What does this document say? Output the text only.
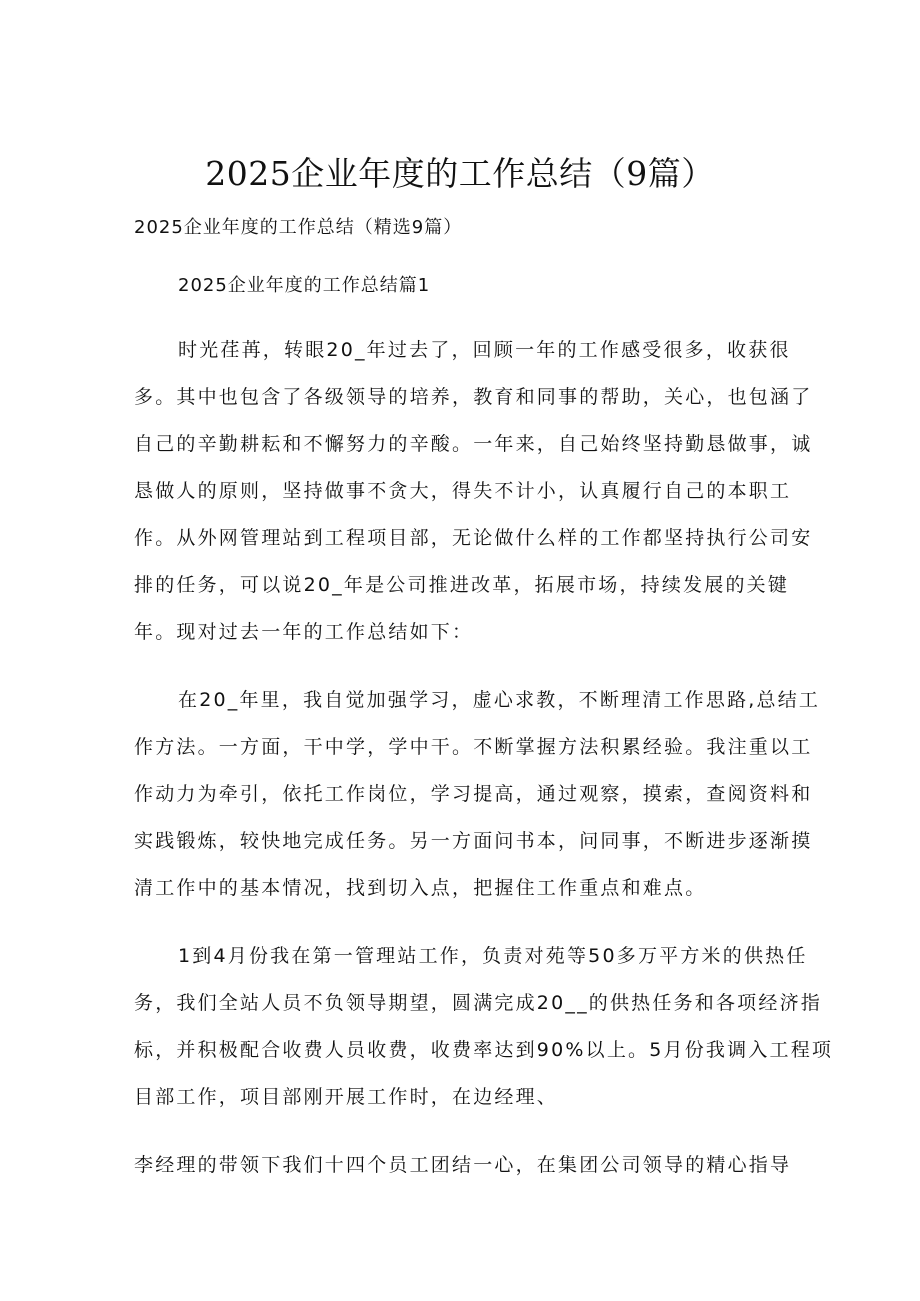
2025企业年度的工作总结（9篇）
2025企业年度的工作总结（精选9篇）
2025企业年度的工作总结篇1
时光荏苒，转眼20_年过去了，回顾一年的工作感受很多，收获很
多。其中也包含了各级领导的培养，教育和同事的帮助，关心，也包涵了
自己的辛勤耕耘和不懈努力的辛酸。一年来，自己始终坚持勤恳做事，诚
恳做人的原则，坚持做事不贪大，得失不计小，认真履行自己的本职工
作。从外网管理站到工程项目部，无论做什么样的工作都坚持执行公司安
排的任务，可以说20_年是公司推进改革，拓展市场，持续发展的关键
年。现对过去一年的工作总结如下：
在20_年里，我自觉加强学习，虚心求教，不断理清工作思路,总结工
作方法。一方面，干中学，学中干。不断掌握方法积累经验。我注重以工
作动力为牵引，依托工作岗位，学习提高，通过观察，摸索，查阅资料和
实践锻炼，较快地完成任务。另一方面问书本，问同事，不断进步逐渐摸
清工作中的基本情况，找到切入点，把握住工作重点和难点。
1到4月份我在第一管理站工作，负责对苑等50多万平方米的供热任
务，我们全站人员不负领导期望，圆满完成20__的供热任务和各项经济指
标，并积极配合收费人员收费，收费率达到90%以上。5月份我调入工程项
目部工作，项目部刚开展工作时，在边经理、
李经理的带领下我们十四个员工团结一心，在集团公司领导的精心指导
